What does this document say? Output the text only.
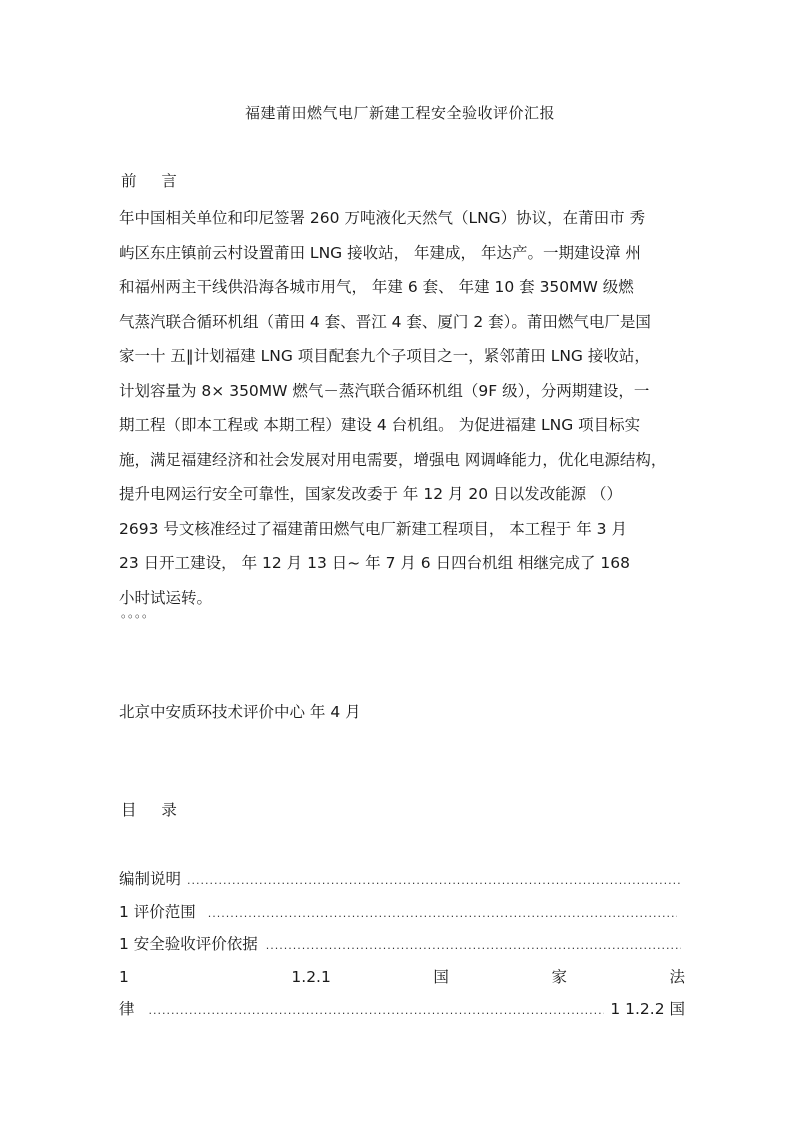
福建莆田燃气电厂新建工程安全验收评价汇报
前 言
年中国相关单位和印尼签署 260 万吨液化天然气（LNG）协议，在莆田市 秀
屿区东庄镇前云村设置莆田 LNG 接收站， 年建成， 年达产。一期建设漳 州
和福州两主干线供沿海各城市用气， 年建 6 套、 年建 10 套 350MW 级燃
气蒸汽联合循环机组（莆田 4 套、晋江 4 套、厦门 2 套）。莆田燃气电厂是国
家一十 五‖计划福建 LNG 项目配套九个子项目之一，紧邻莆田 LNG 接收站，
计划容量为 8× 350MW 燃气－蒸汽联合循环机组（9F 级），分两期建设，一
期工程（即本工程或 本期工程）建设 4 台机组。 为促进福建 LNG 项目标实
施，满足福建经济和社会发展对用电需要，增强电 网调峰能力，优化电源结构，
提升电网运行安全可靠性，国家发改委于 年 12 月 20 日以发改能源 （）
2693 号文核准经过了福建莆田燃气电厂新建工程项目， 本工程于 年 3 月
23 日开工建设， 年 12 月 13 日~ 年 7 月 6 日四台机组 相继完成了 168
小时试运转。
。。。。
北京中安质环技术评价中心 年 4 月
目 录
编制说明
.....
1 评价范围
.....
1 安全验收评价依据
.....
1	1.2.1	国	家	法
律
.....	1 1.2.2 国
